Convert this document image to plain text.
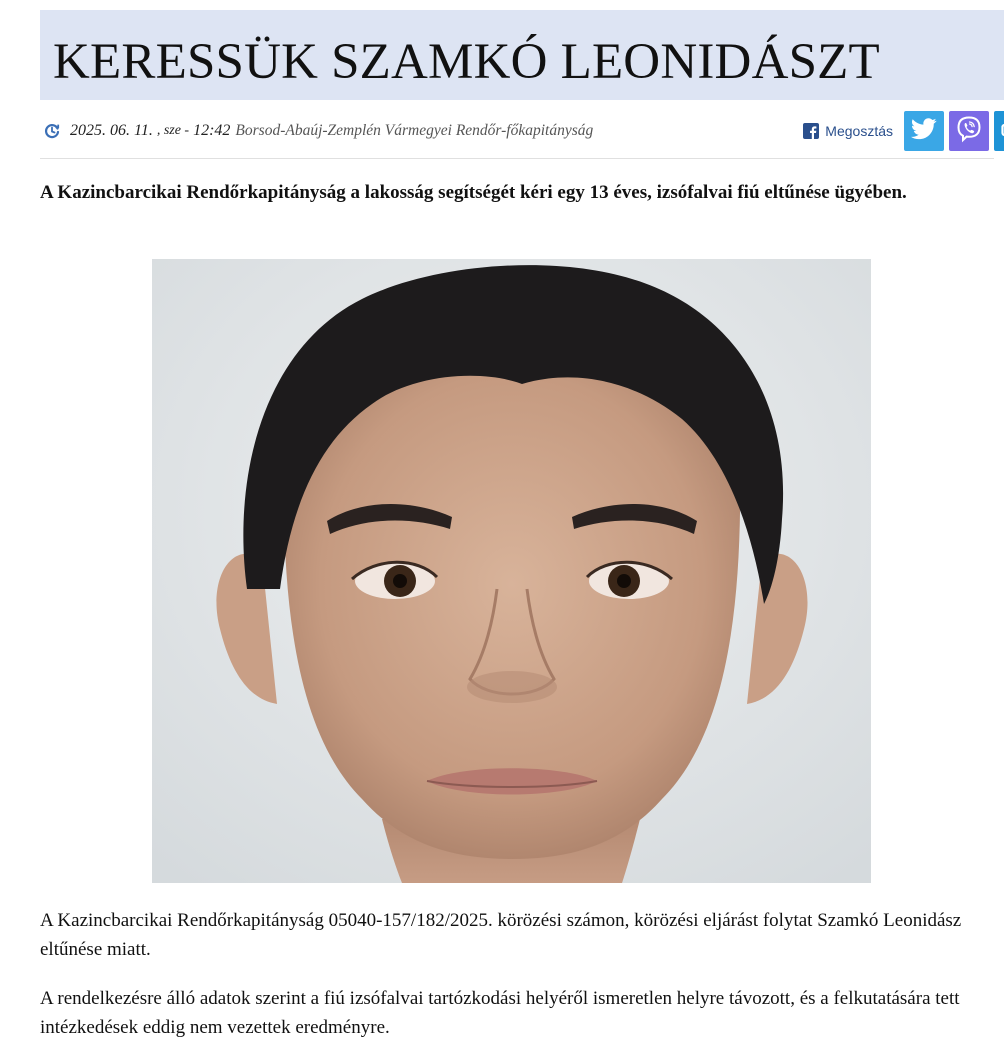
KERESSÜK SZAMKÓ LEONIDÁSZT
2025. 06. 11. , sze - 12:42 Borsod-Abaúj-Zemplén Vármegyei Rendőr-főkapitányság	Megosztás

A Kazincbarcikai Rendőrkapitányság a lakosság segítségét kéri egy 13 éves, izsófalvai fiú eltűnése ügyében.

A Kazincbarcikai Rendőrkapitányság 05040-157/182/2025. körözési számon, körözési eljárást folytat Szamkó Leonidász eltűnése miatt.

A rendelkezésre álló adatok szerint a fiú izsófalvai tartózkodási helyéről ismeretlen helyre távozott, és a felkutatására tett intézkedések eddig nem vezettek eredményre.
